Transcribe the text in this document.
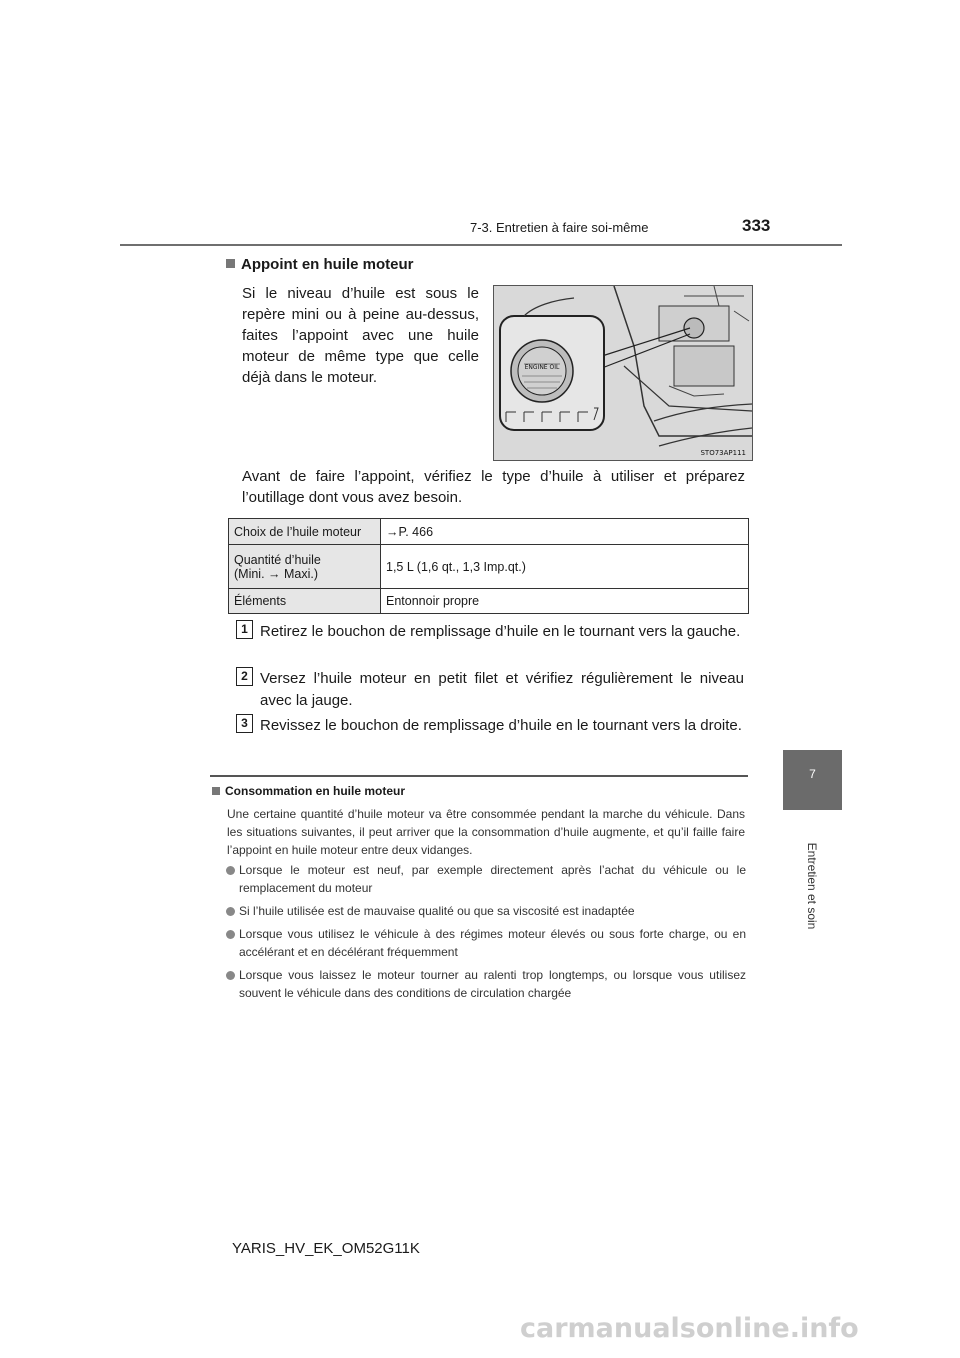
7-3. Entretien à faire soi-même	333
7
Entretien et soin
Appoint en huile moteur
Si le niveau d’huile est sous le repère mini ou à peine au-dessus, faites l’appoint avec une huile moteur de même type que celle déjà dans le moteur.
ENGINE OIL
STO73AP111
Avant de faire l’appoint, vérifiez le type d’huile à utiliser et préparez l’outillage dont vous avez besoin.
Choix de l’huile moteur	→P. 466
Quantité d’huile
(Mini. → Maxi.)	1,5 L (1,6 qt., 1,3 Imp.qt.)
Éléments	Entonnoir propre
1 Retirez le bouchon de remplissage d’huile en le tournant vers la gauche.
2 Versez l’huile moteur en petit filet et vérifiez régulièrement le niveau avec la jauge.
3 Revissez le bouchon de remplissage d’huile en le tournant vers la droite.
Consommation en huile moteur
Une certaine quantité d’huile moteur va être consommée pendant la marche du véhicule. Dans les situations suivantes, il peut arriver que la consommation d’huile augmente, et qu’il faille faire l’appoint en huile moteur entre deux vidanges.
Lorsque le moteur est neuf, par exemple directement après l’achat du véhicule ou le remplacement du moteur
Si l’huile utilisée est de mauvaise qualité ou que sa viscosité est inadaptée
Lorsque vous utilisez le véhicule à des régimes moteur élevés ou sous forte charge, ou en accélérant et en décélérant fréquemment
Lorsque vous laissez le moteur tourner au ralenti trop longtemps, ou lorsque vous utilisez souvent le véhicule dans des conditions de circulation chargée
YARIS_HV_EK_OM52G11K
carmanualsonline.info
